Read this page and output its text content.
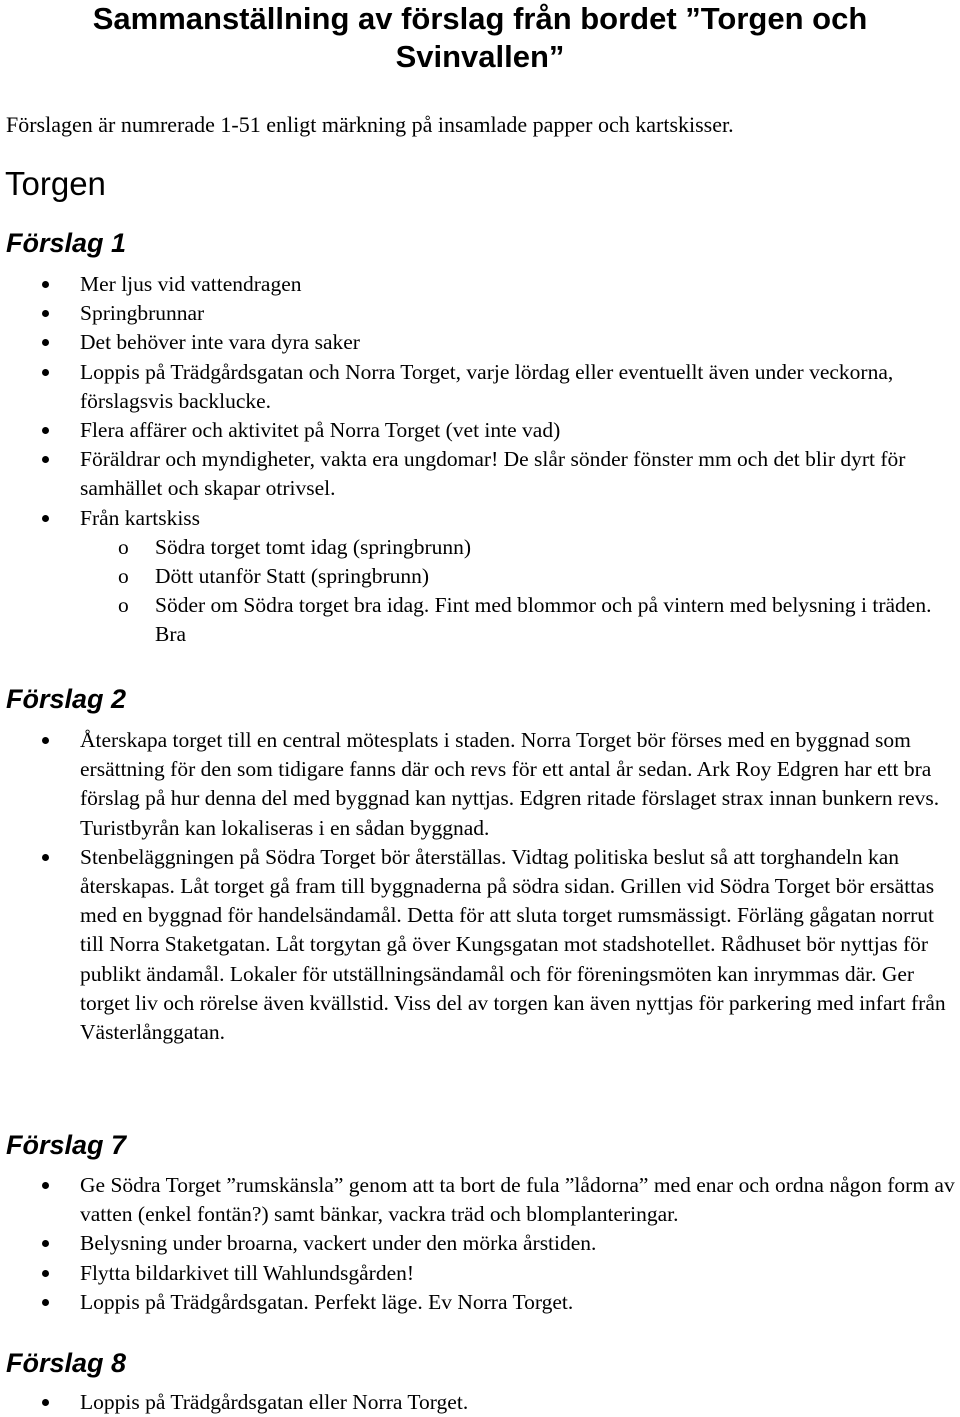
Sammanställning av förslag från bordet ”Torgen och
Svinvallen”

Förslagen är numrerade 1-51 enligt märkning på insamlade papper och kartskisser.

Torgen
Förslag 1
Mer ljus vid vattendragen
Springbrunnar
Det behöver inte vara dyra saker
Loppis på Trädgårdsgatan och Norra Torget, varje lördag eller eventuellt även under veckorna, förslagsvis backlucke.
Flera affärer och aktivitet på Norra Torget (vet inte vad)
Föräldrar och myndigheter, vakta era ungdomar! De slår sönder fönster mm och det blir dyrt för samhället och skapar otrivsel.
Från kartskiss
o Södra torget tomt idag (springbrunn)
o Dött utanför Statt (springbrunn)
o Söder om Södra torget bra idag. Fint med blommor och på vintern med belysning i träden. Bra
Förslag 2
Återskapa torget till en central mötesplats i staden. Norra Torget bör förses med en byggnad som ersättning för den som tidigare fanns där och revs för ett antal år sedan. Ark Roy Edgren har ett bra förslag på hur denna del med byggnad kan nyttjas. Edgren ritade förslaget strax innan bunkern revs. Turistbyrån kan lokaliseras i en sådan byggnad.
Stenbeläggningen på Södra Torget bör återställas. Vidtag politiska beslut så att torghandeln kan återskapas. Låt torget gå fram till byggnaderna på södra sidan. Grillen vid Södra Torget bör ersättas med en byggnad för handelsändamål. Detta för att sluta torget rumsmässigt. Förläng gågatan norrut till Norra Staketgatan. Låt torgytan gå över Kungsgatan mot stadshotellet. Rådhuset bör nyttjas för publikt ändamål. Lokaler för utställningsändamål och för föreningsmöten kan inrymmas där. Ger torget liv och rörelse även kvällstid. Viss del av torgen kan även nyttjas för parkering med infart från Västerlånggatan.
Förslag 7
Ge Södra Torget ”rumskänsla” genom att ta bort de fula ”lådorna” med enar och ordna någon form av vatten (enkel fontän?) samt bänkar, vackra träd och blomplanteringar.
Belysning under broarna, vackert under den mörka årstiden.
Flytta bildarkivet till Wahlundsgården!
Loppis på Trädgårdsgatan. Perfekt läge. Ev Norra Torget.
Förslag 8
Loppis på Trädgårdsgatan eller Norra Torget.
